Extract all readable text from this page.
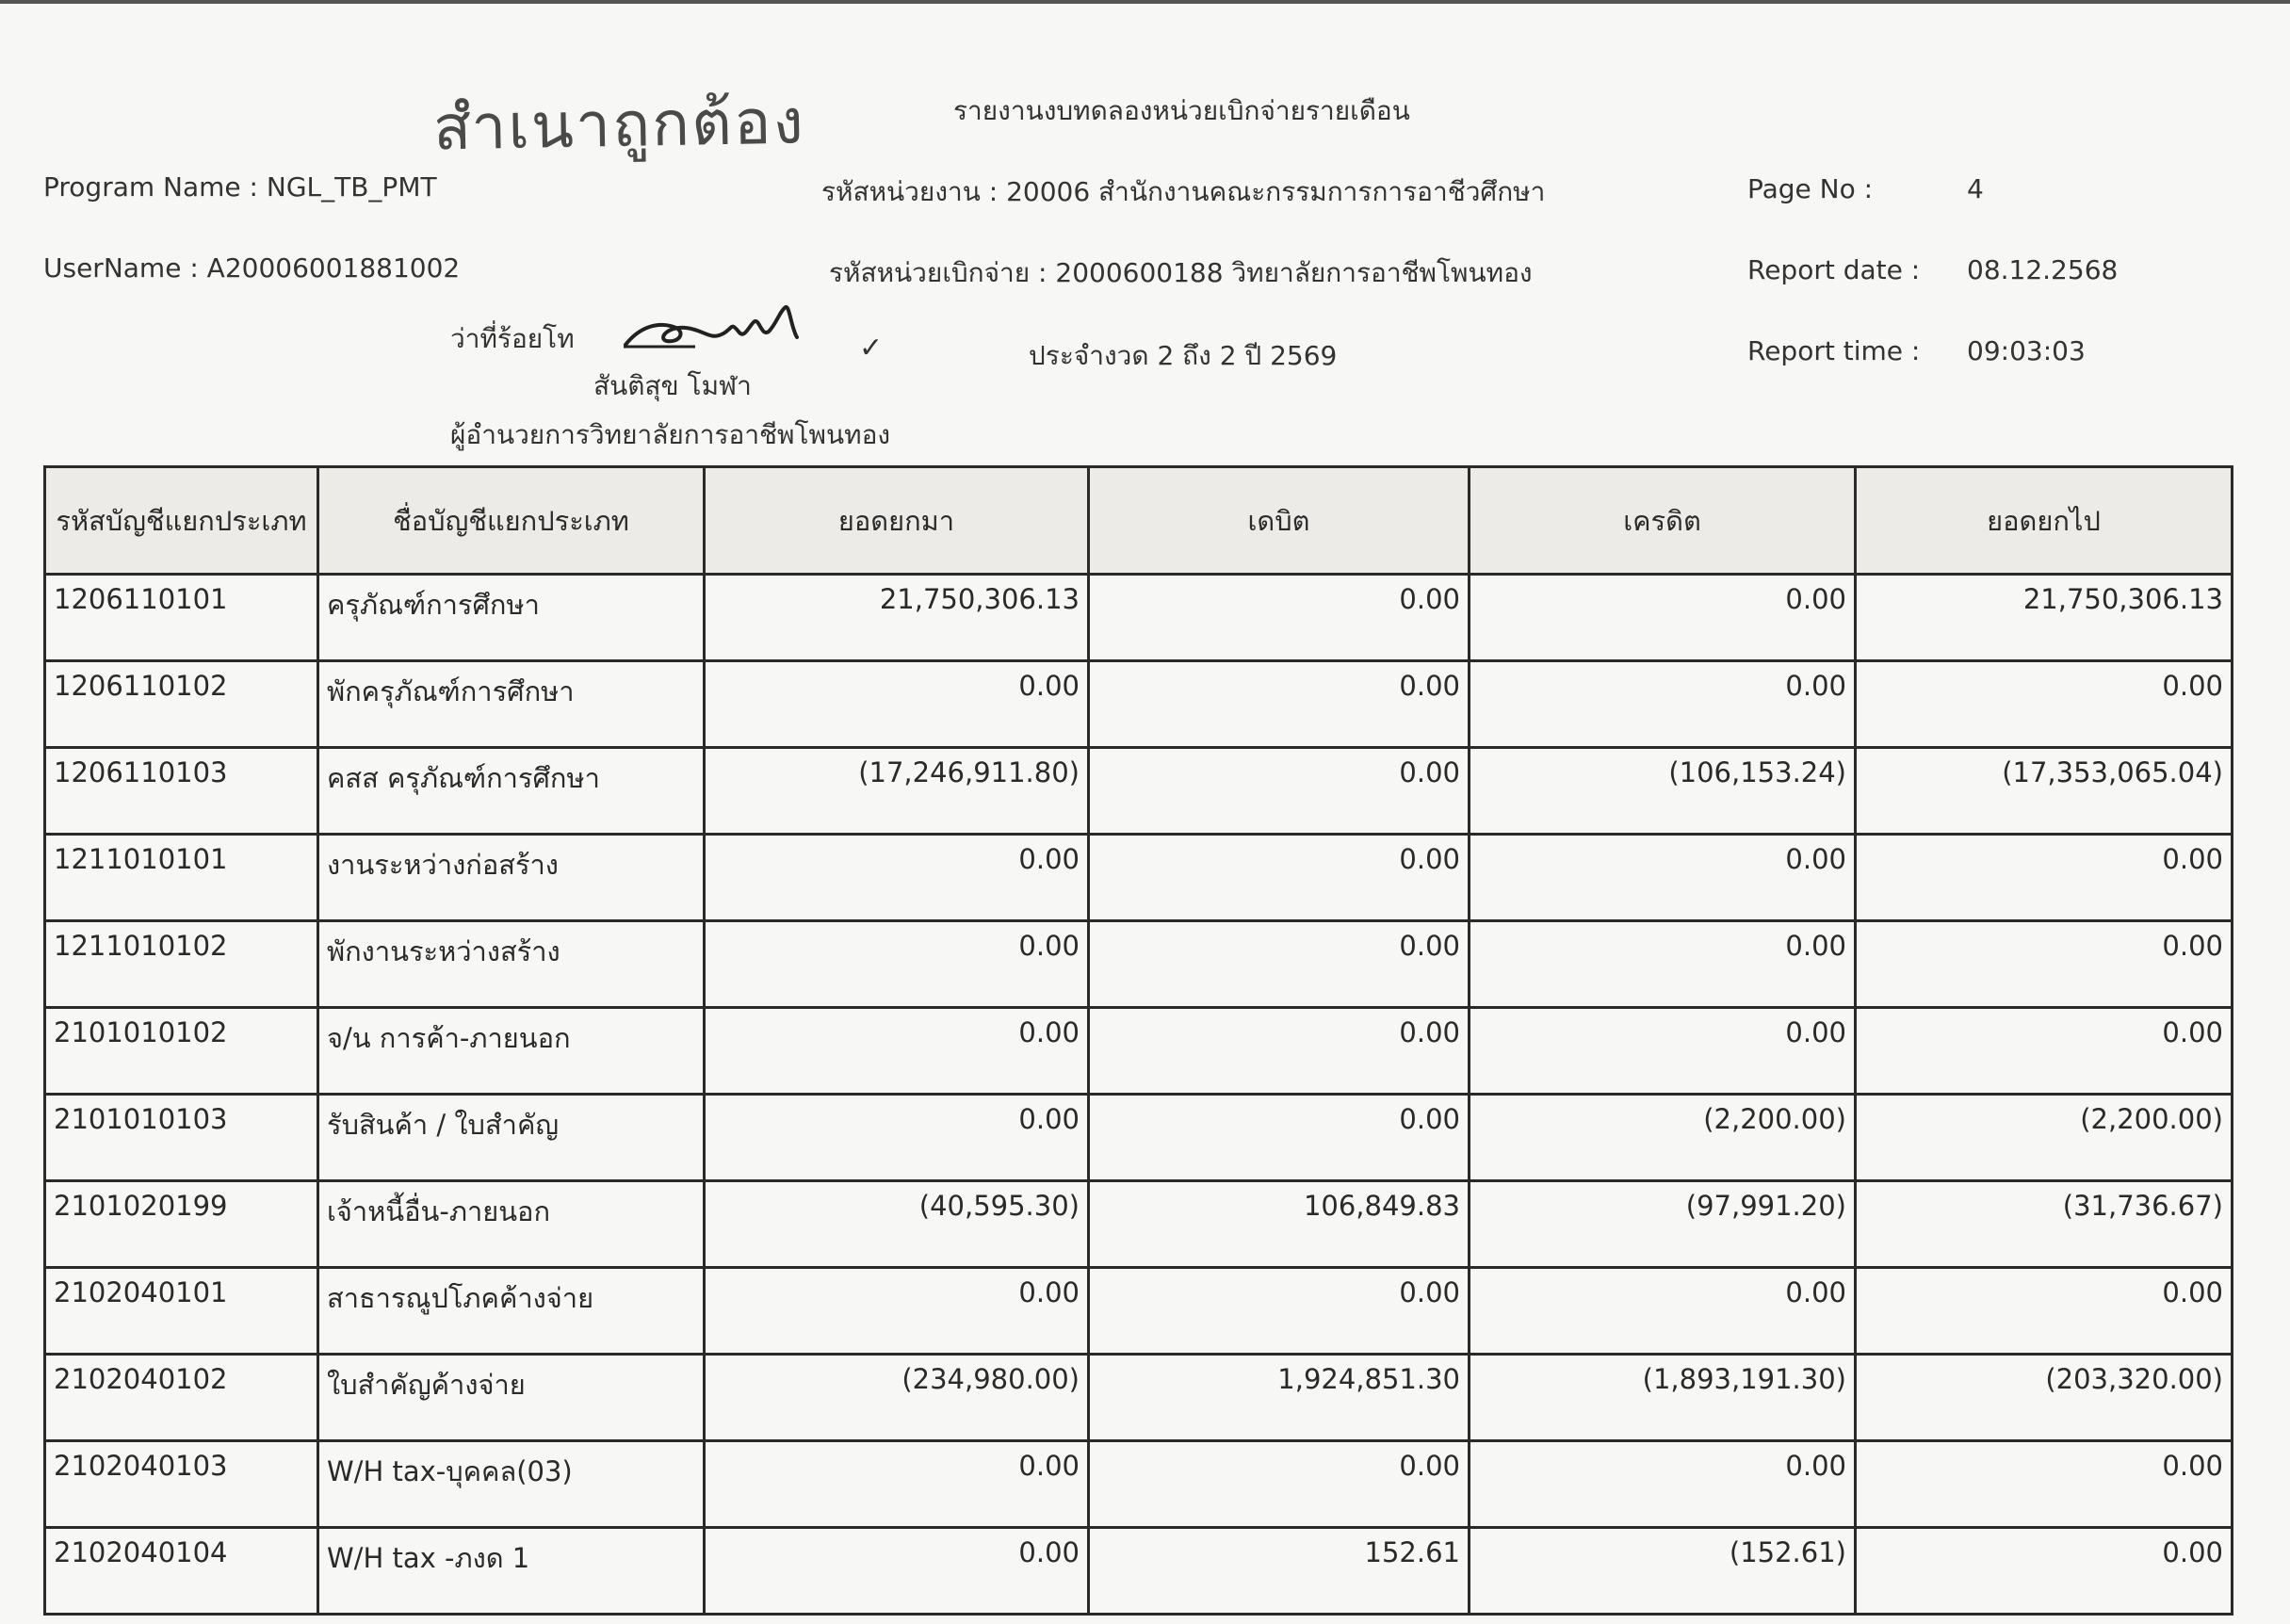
สำเนาถูกต้อง	รายงานงบทดลองหน่วยเบิกจ่ายรายเดือน
Program Name : NGL_TB_PMT	รหัสหน่วยงาน : 20006 สำนักงานคณะกรรมการการอาชีวศึกษา	Page No :	4
UserName : A20006001881002	รหัสหน่วยเบิกจ่าย : 2000600188 วิทยาลัยการอาชีพโพนทอง	Report date : 08.12.2568
ว่าที่ร้อยโท	✓	ประจำงวด 2 ถึง 2 ปี 2569	Report time : 09:03:03
สันติสุข โมฬา
ผู้อำนวยการวิทยาลัยการอาชีพโพนทอง
รหัสบัญชีแยกประเภท	ชื่อบัญชีแยกประเภท	ยอดยกมา	เดบิต	เครดิต	ยอดยกไป
1206110101	ครุภัณฑ์การศึกษา	21,750,306.13	0.00	0.00	21,750,306.13
1206110102	พักครุภัณฑ์การศึกษา	0.00	0.00	0.00	0.00
1206110103	คสส ครุภัณฑ์การศึกษา	(17,246,911.80)	0.00	(106,153.24)	(17,353,065.04)
1211010101	งานระหว่างก่อสร้าง	0.00	0.00	0.00	0.00
1211010102	พักงานระหว่างสร้าง	0.00	0.00	0.00	0.00
2101010102	จ/น การค้า-ภายนอก	0.00	0.00	0.00	0.00
2101010103	รับสินค้า / ใบสำคัญ	0.00	0.00	(2,200.00)	(2,200.00)
2101020199	เจ้าหนี้อื่น-ภายนอก	(40,595.30)	106,849.83	(97,991.20)	(31,736.67)
2102040101	สาธารณูปโภคค้างจ่าย	0.00	0.00	0.00	0.00
2102040102	ใบสำคัญค้างจ่าย	(234,980.00)	1,924,851.30	(1,893,191.30)	(203,320.00)
2102040103	W/H tax-บุคคล(03)	0.00	0.00	0.00	0.00
2102040104	W/H tax -ภงด 1	0.00	152.61	(152.61)	0.00
